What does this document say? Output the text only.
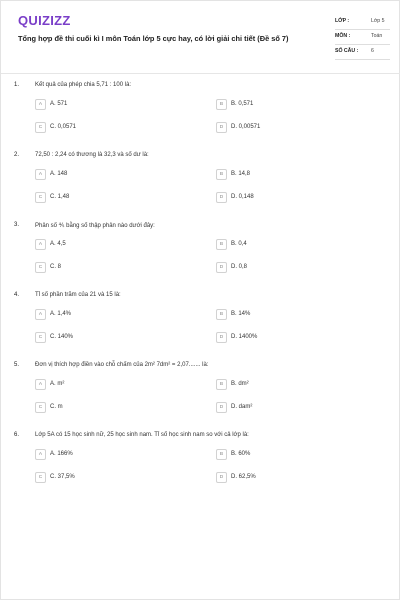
QUIZIZZ
Tổng hợp đề thi cuối kì I môn Toán lớp 5 cực hay, có lời giải chi tiết (Đề số 7)
LỚP :	Lớp 5
MÔN :	Toán
SỐ CÂU : 6
1.	Kết quả của phép chia 5,71 : 100 là:
A	A. 571	B	B. 0,571
C	C. 0,0571	D	D. 0,00571
2.	72,50 : 2,24 có thương là 32,3 và số dư là:
A	A. 148	B	B. 14,8
C	C. 1,48	D	D. 0,148
3.	Phân số ⅘ bằng số thập phân nào dưới đây:
A	A. 4,5	B	B. 0,4
C	C. 8	D	D. 0,8
4.	Tỉ số phần trăm của 21 và 15 là:
A	A. 1,4%	B	B. 14%
C	C. 140%	D	D. 1400%
5.	Đơn vị thích hợp điền vào chỗ chấm của 2m² 7dm² = 2,07....... là:
A	A. m²	B	B. dm²
C	C. m	D	D. dam²
6.	Lớp 5A có 15 học sinh nữ, 25 học sinh nam. Tỉ số học sinh nam so với cả lớp là:
A	A. 166%	B	B. 60%
C	C. 37,5%	D	D. 62,5%
